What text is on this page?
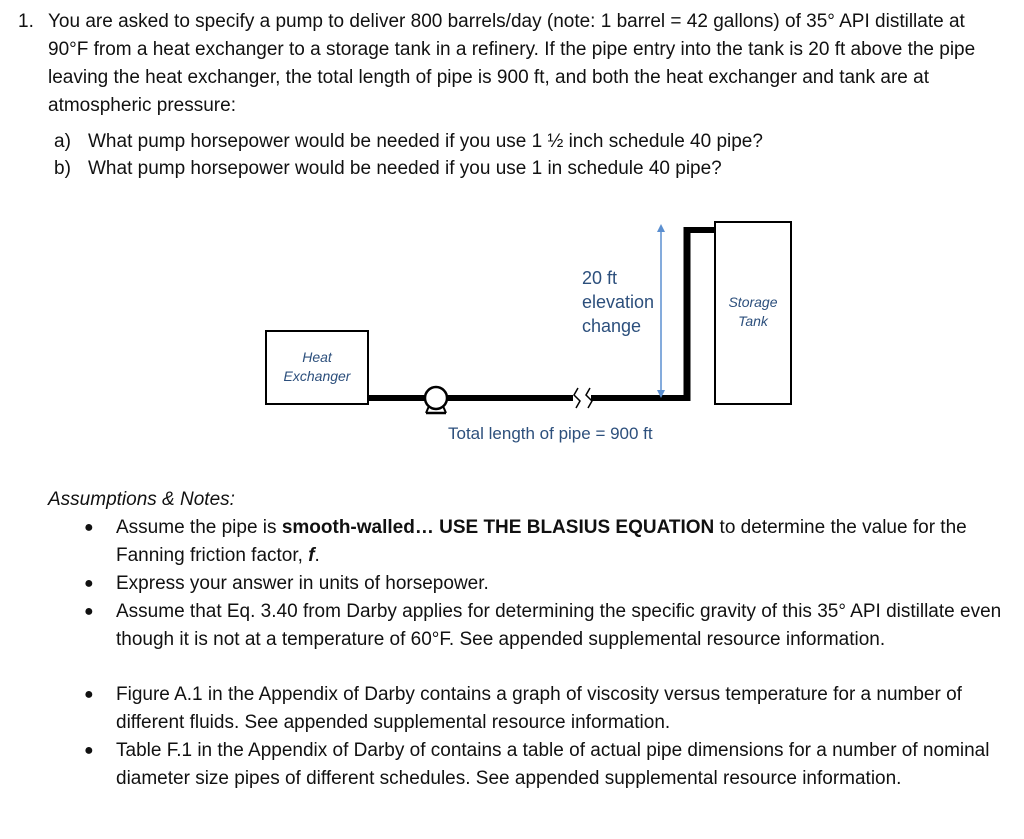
1. You are asked to specify a pump to deliver 800 barrels/day (note: 1 barrel = 42 gallons) of 35° API distillate at 90°F from a heat exchanger to a storage tank in a refinery. If the pipe entry into the tank is 20 ft above the pipe leaving the heat exchanger, the total length of pipe is 900 ft, and both the heat exchanger and tank are at atmospheric pressure:
a) What pump horsepower would be needed if you use 1 ½ inch schedule 40 pipe?
b) What pump horsepower would be needed if you use 1 in schedule 40 pipe?
Heat
Exchanger
Storage
Tank
20 ft
elevation
change
Total length of pipe = 900 ft
Assumptions & Notes:
● Assume the pipe is smooth-walled… USE THE BLASIUS EQUATION to determine the value for the Fanning friction factor, f.
● Express your answer in units of horsepower.
● Assume that Eq. 3.40 from Darby applies for determining the specific gravity of this 35° API distillate even though it is not at a temperature of 60°F. See appended supplemental resource information.
● Figure A.1 in the Appendix of Darby contains a graph of viscosity versus temperature for a number of different fluids. See appended supplemental resource information.
● Table F.1 in the Appendix of Darby of contains a table of actual pipe dimensions for a number of nominal diameter size pipes of different schedules. See appended supplemental resource information.
